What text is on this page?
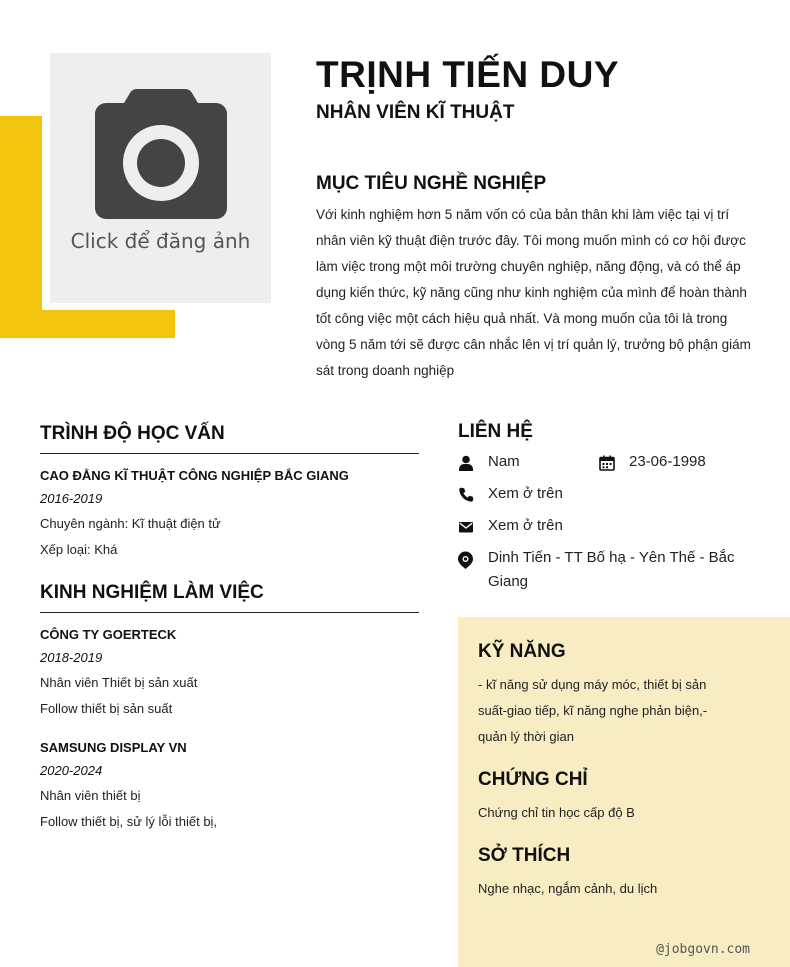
Click để đăng ảnh
TRỊNH TIẾN DUY
NHÂN VIÊN KĨ THUẬT
MỤC TIÊU NGHỀ NGHIỆP
Với kinh nghiệm hơn 5 năm vốn có của bản thân khi làm việc tại vị trí nhân viên kỹ thuật điện trước đây. Tôi mong muốn mình có cơ hội được làm việc trong một môi trường chuyên nghiệp, năng động, và có thể áp dụng kiến thức, kỹ năng cũng như kinh nghiệm của mình để hoàn thành tốt công việc một cách hiệu quả nhất. Và mong muốn của tôi là trong vòng 5 năm tới sẽ được cân nhắc lên vị trí quản lý, trưởng bộ phận giám sát trong doanh nghiệp
TRÌNH ĐỘ HỌC VẤN
CAO ĐẲNG KĨ THUẬT CÔNG NGHIỆP BẮC GIANG
2016-2019
Chuyên ngành: Kĩ thuật điện tử
Xếp loại: Khá
KINH NGHIỆM LÀM VIỆC
CÔNG TY GOERTECK
2018-2019
Nhân viên Thiết bị sản xuất
Follow thiết bị sản suất
SAMSUNG DISPLAY VN
2020-2024
Nhân viên thiết bị
Follow thiết bị, sử lý lỗi thiết bị,
LIÊN HỆ
Nam	23-06-1998
Xem ở trên
Xem ở trên
Dinh Tiến - TT Bố hạ - Yên Thế - Bắc Giang
KỸ NĂNG
- kĩ năng sử dụng máy móc, thiết bị sản suất-giao tiếp, kĩ năng nghe phản biện,- quản lý thời gian
CHỨNG CHỈ
Chứng chỉ tin học cấp độ B
SỞ THÍCH
Nghe nhạc, ngắm cảnh, du lịch
@jobgovn.com
